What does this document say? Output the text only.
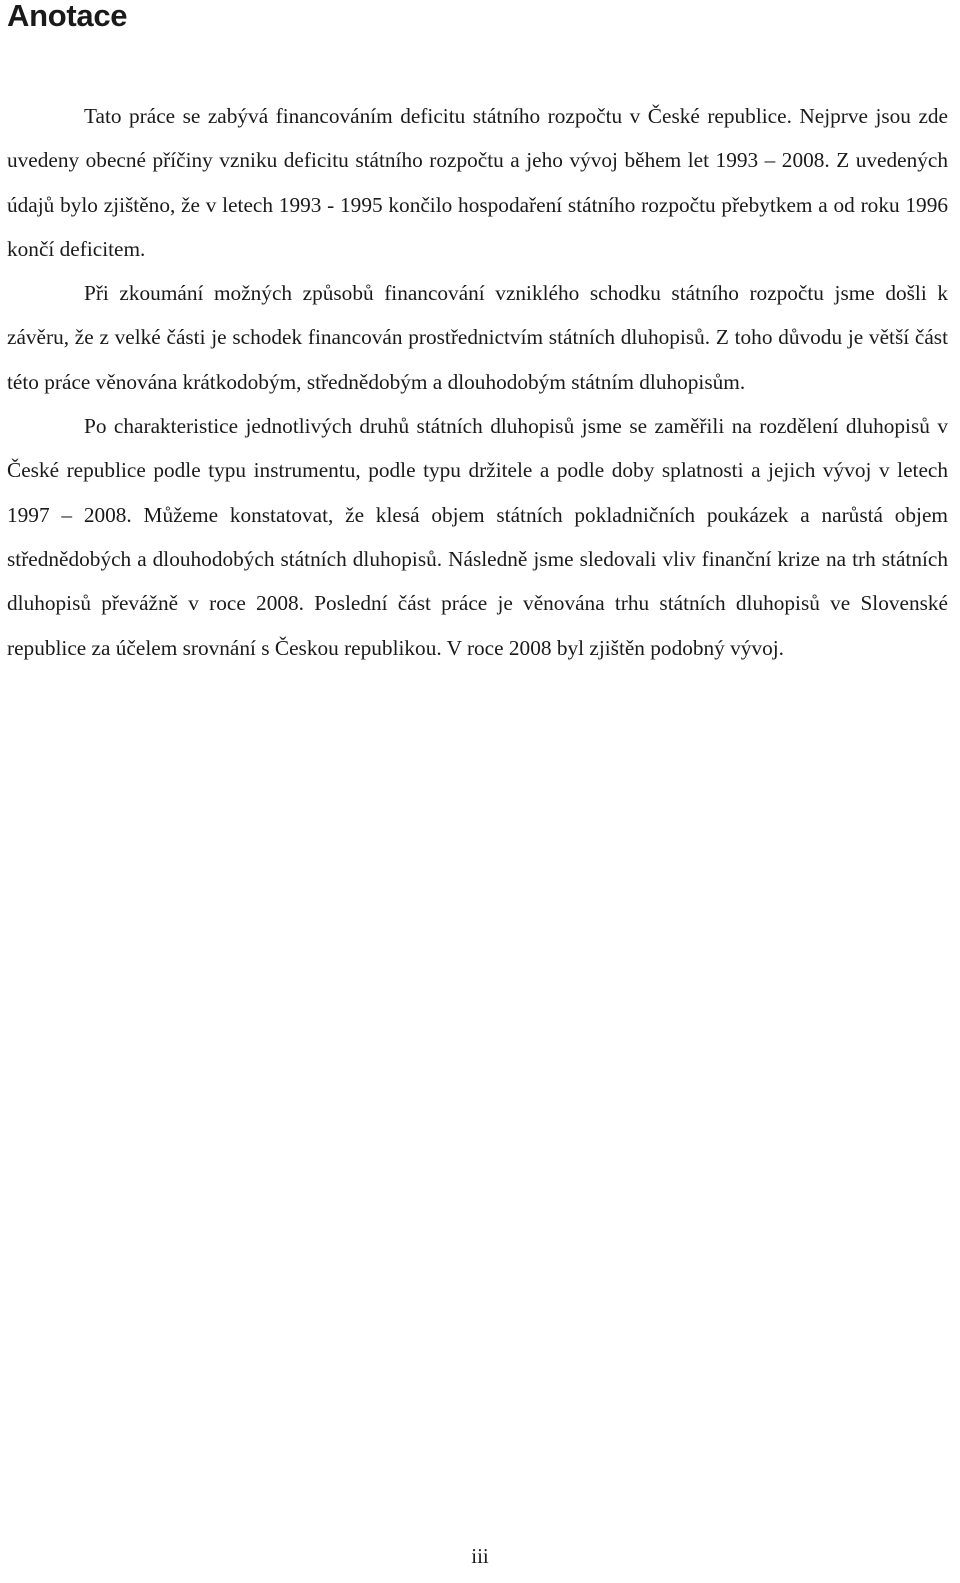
Anotace

Tato práce se zabývá financováním deficitu státního rozpočtu v České republice. Nejprve jsou zde uvedeny obecné příčiny vzniku deficitu státního rozpočtu a jeho vývoj během let 1993 – 2008. Z uvedených údajů bylo zjištěno, že v letech 1993 - 1995 končilo hospodaření státního rozpočtu přebytkem a od roku 1996 končí deficitem.

Při zkoumání možných způsobů financování vzniklého schodku státního rozpočtu jsme došli k závěru, že z velké části je schodek financován prostřednictvím státních dluhopisů. Z toho důvodu je větší část této práce věnována krátkodobým, střednědobým a dlouhodobým státním dluhopisům.

Po charakteristice jednotlivých druhů státních dluhopisů jsme se zaměřili na rozdělení dluhopisů v České republice podle typu instrumentu, podle typu držitele a podle doby splatnosti a jejich vývoj v letech 1997 – 2008. Můžeme konstatovat, že klesá objem státních pokladničních poukázek a narůstá objem střednědobých a dlouhodobých státních dluhopisů. Následně jsme sledovali vliv finanční krize na trh státních dluhopisů převážně v roce 2008. Poslední část práce je věnována trhu státních dluhopisů ve Slovenské republice za účelem srovnání s Českou republikou. V roce 2008 byl zjištěn podobný vývoj.

iii
